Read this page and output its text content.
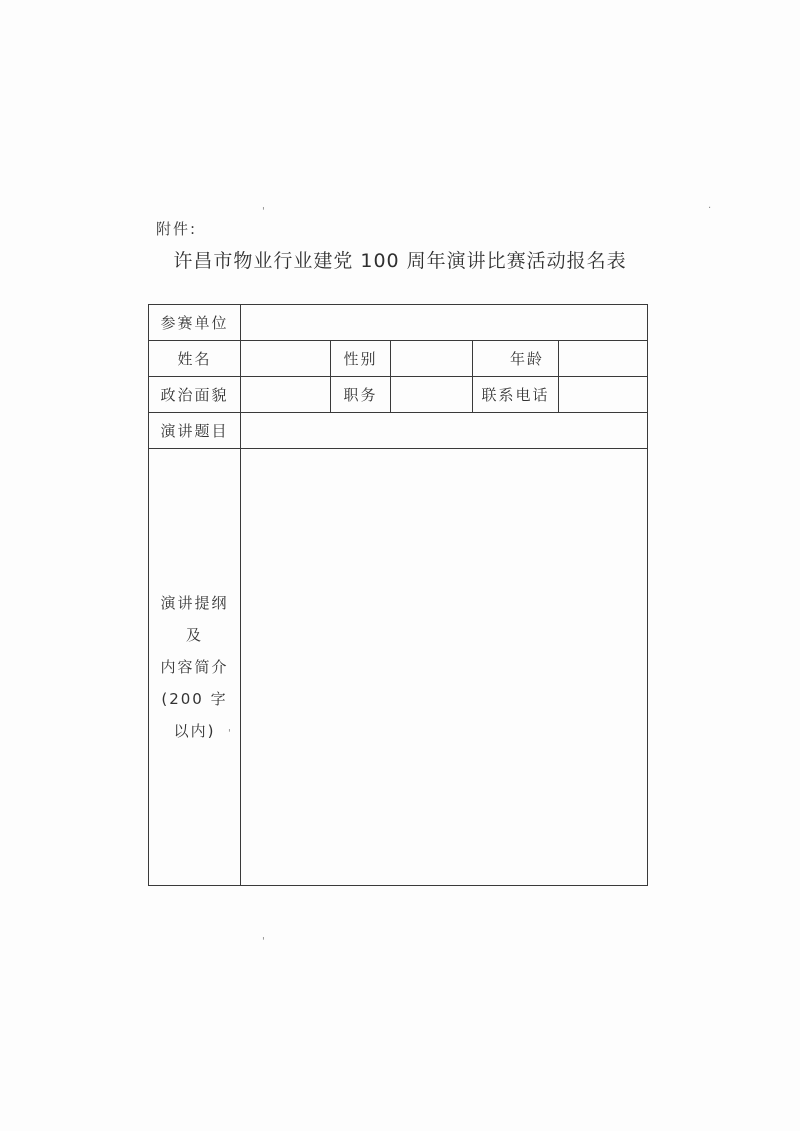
附件:
许昌市物业行业建党 100 周年演讲比赛活动报名表
参赛单位					
姓名		性别		年龄	
政治面貌		职务		联系电话	
演讲题目					

演讲提纲
及
内容简介
(200 字
以内)					

'
'
'
.
